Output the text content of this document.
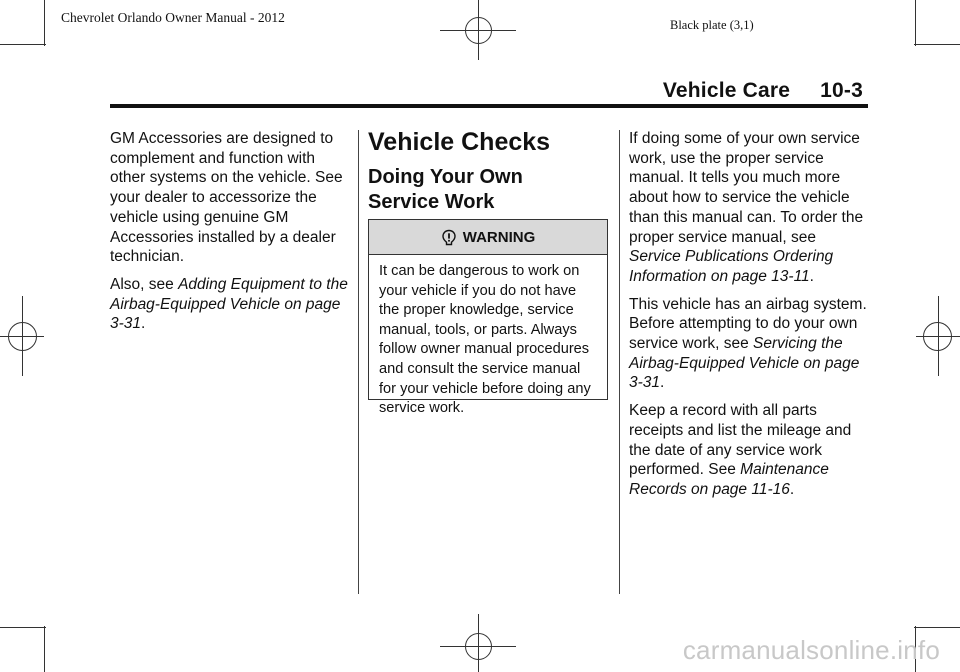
Chevrolet Orlando Owner Manual - 2012	Black plate (3,1)
Vehicle Care 10-3

GM Accessories are designed to complement and function with other systems on the vehicle. See your dealer to accessorize the vehicle using genuine GM Accessories installed by a dealer technician.

Also, see Adding Equipment to the Airbag-Equipped Vehicle on page 3-31.

Vehicle Checks
Doing Your Own Service Work
WARNING
It can be dangerous to work on your vehicle if you do not have the proper knowledge, service manual, tools, or parts. Always follow owner manual procedures and consult the service manual for your vehicle before doing any service work.

If doing some of your own service work, use the proper service manual. It tells you much more about how to service the vehicle than this manual can. To order the proper service manual, see Service Publications Ordering Information on page 13-11.

This vehicle has an airbag system. Before attempting to do your own service work, see Servicing the Airbag-Equipped Vehicle on page 3-31.

Keep a record with all parts receipts and list the mileage and the date of any service work performed. See Maintenance Records on page 11-16.

carmanualsonline.info
